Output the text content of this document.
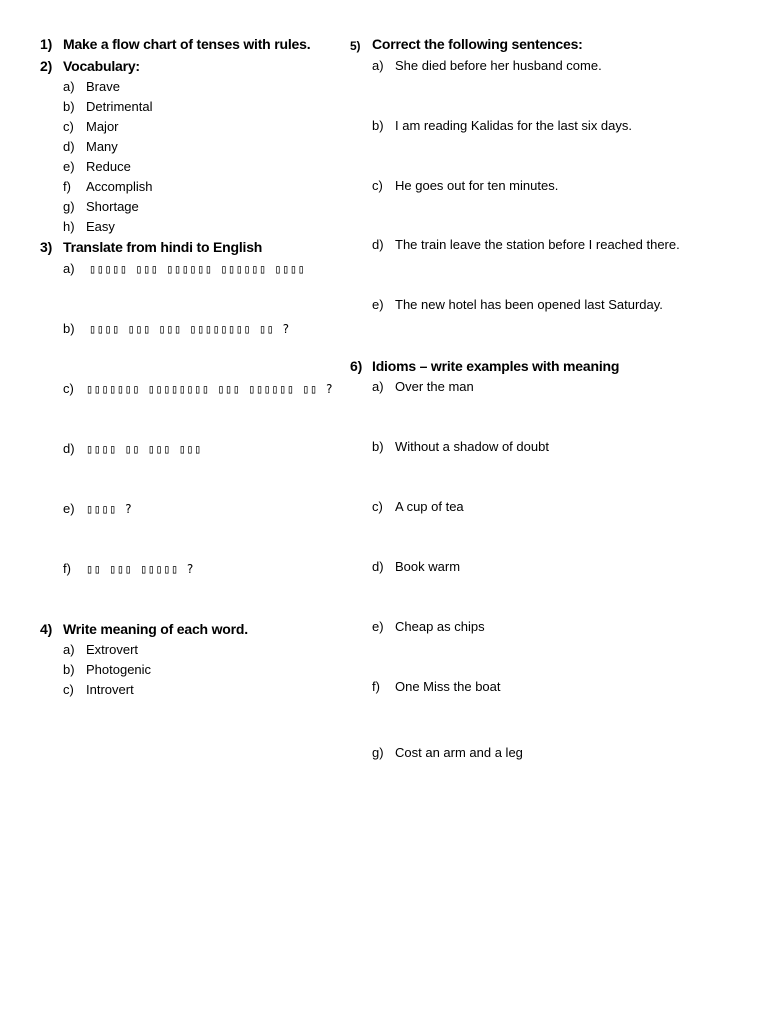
1) Make a flow chart of tenses with rules.
2) Vocabulary:
a) Brave
b) Detrimental
c) Major
d) Many
e) Reduce
f) Accomplish
g) Shortage
h) Easy
3) Translate from hindi to English
a) ▯▯▯▯▯ ▯▯▯ ▯▯▯▯▯▯ ▯▯▯▯▯▯ ▯▯▯▯
b) ▯▯▯▯ ▯▯▯ ▯▯▯ ▯▯▯▯▯▯▯▯ ▯▯ ?
c) ▯▯▯▯▯▯▯ ▯▯▯▯▯▯▯▯ ▯▯▯ ▯▯▯▯▯▯ ▯▯ ?
d) ▯▯▯▯ ▯▯ ▯▯▯ ▯▯▯
e) ▯▯▯▯ ?
f) ▯▯ ▯▯▯ ▯▯▯▯▯ ?
4) Write meaning of each word.
a) Extrovert
b) Photogenic
c) Introvert
5) Correct the following sentences:
a) She died before her husband come.
b) I am reading Kalidas for the last six days.
c) He goes out for ten minutes.
d) The train leave the station before I reached there.
e) The new hotel has been opened last Saturday.
6) Idioms – write examples with meaning
a) Over the man
b) Without a shadow of doubt
c) A cup of tea
d) Book warm
e) Cheap as chips
f) One Miss the boat
g) Cost an arm and a leg
